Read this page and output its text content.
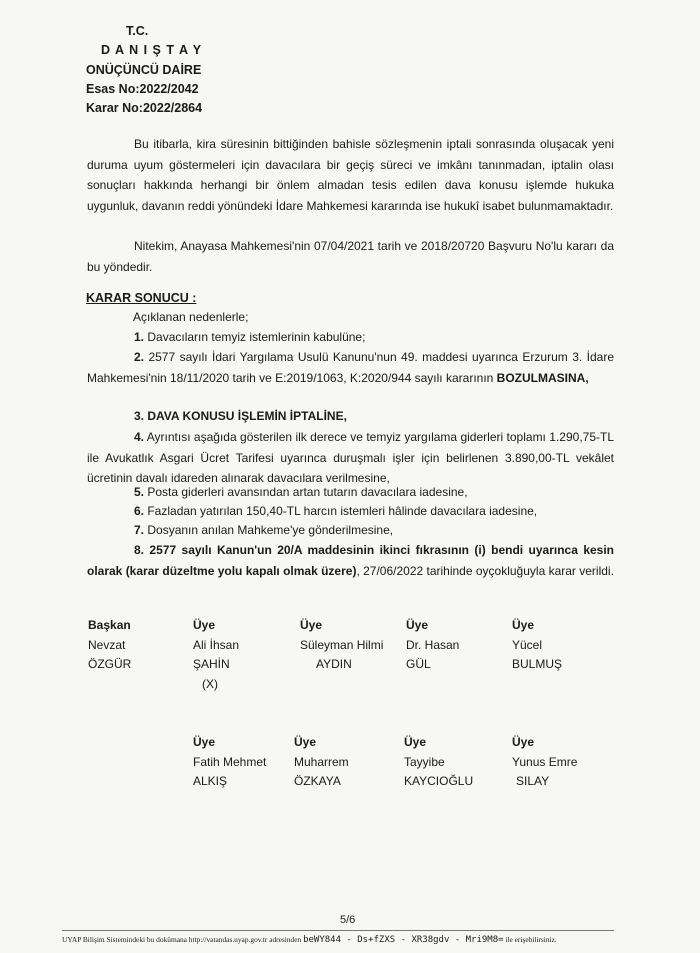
T.C.
D A N I Ş T A Y
ONÜÇÜNCÜ DAİRE
Esas No:2022/2042
Karar No:2022/2864

Bu itibarla, kira süresinin bittiğinden bahisle sözleşmenin iptali sonrasında oluşacak yeni duruma uyum göstermeleri için davacılara bir geçiş süreci ve imkânı tanınmadan, iptalin olası sonuçları hakkında herhangi bir önlem almadan tesis edilen dava konusu işlemde hukuka uygunluk, davanın reddi yönündeki İdare Mahkemesi kararında ise hukukî isabet bulunmamaktadır.

Nitekim, Anayasa Mahkemesi'nin 07/04/2021 tarih ve 2018/20720 Başvuru No'lu kararı da bu yöndedir.

KARAR SONUCU :
Açıklanan nedenlerle;
1. Davacıların temyiz istemlerinin kabulüne;
2. 2577 sayılı İdari Yargılama Usulü Kanunu'nun 49. maddesi uyarınca Erzurum 3. İdare Mahkemesi'nin 18/11/2020 tarih ve E:2019/1063, K:2020/944 sayılı kararının BOZULMASINA,
3. DAVA KONUSU İŞLEMİN İPTALİNE,
4. Ayrıntısı aşağıda gösterilen ilk derece ve temyiz yargılama giderleri toplamı 1.290,75-TL ile Avukatlık Asgari Ücret Tarifesi uyarınca duruşmalı işler için belirlenen 3.890,00-TL vekâlet ücretinin davalı idareden alınarak davacılara verilmesine,
5. Posta giderleri avansından artan tutarın davacılara iadesine,
6. Fazladan yatırılan 150,40-TL harcın istemleri hâlinde davacılara iadesine,
7. Dosyanın anılan Mahkeme'ye gönderilmesine,
8. 2577 sayılı Kanun'un 20/A maddesinin ikinci fıkrasının (i) bendi uyarınca kesin olarak (karar düzeltme yolu kapalı olmak üzere), 27/06/2022 tarihinde oyçokluğuyla karar verildi.
Başkan
Nevzat
ÖZGÜR
Üye
Ali İhsan
ŞAHİN
(X)
Üye
Süleyman Hilmi
AYDIN
Üye
Dr. Hasan
GÜL
Üye
Yücel
BULMUŞ
Üye
Fatih Mehmet
ALKIŞ
Üye
Muharrem
ÖZKAYA
Üye
Tayyibe
KAYCIOĞLU
Üye
Yunus Emre
SILAY
5/6
UYAP Bilişim Sistemindeki bu dokümana http://vatandas.uyap.gov.tr adresinden beWY844 - Ds+fZXS - XR38gdv - Mri9M8= ile erişebilirsiniz.
